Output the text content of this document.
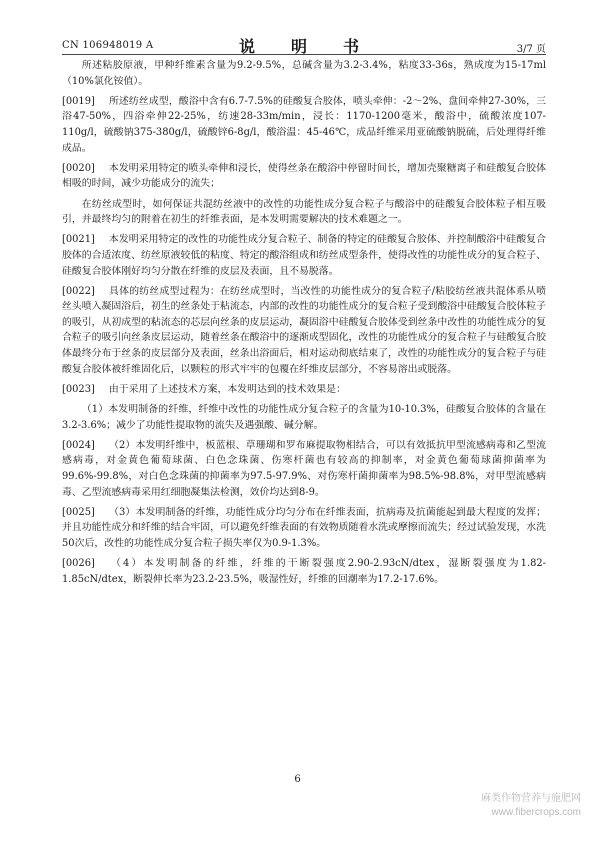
CN 106948019 A	说　明　书	3/7 页

所述粘胶原液，甲种纤维素含量为9.2-9.5%，总碱含量为3.2-3.4%，粘度33-36s，熟成度为15-17ml（10%氯化铵值）。

[0019] 所述纺丝成型，酸浴中含有6.7-7.5%的硅酸复合胶体，喷头牵伸：-2～2%、盘间牵伸27-30%，三浴47-50%，四浴牵伸22-25%，纺速28-33m/min，浸长：1170-1200毫米，酸浴中，硫酸浓度107-110g/l，硫酸钠375-380g/l，硫酸锌6-8g/l，酸浴温：45-46℃，成品纤维采用亚硫酸钠脱硫，后处理得纤维成品。

[0020] 本发明采用特定的喷头牵伸和浸长，使得丝条在酸浴中停留时间长，增加壳聚糖离子和硅酸复合胶体相吸的时间，减少功能成分的流失；

在纺丝成型时，如何保证共混纺丝液中的改性的功能性成分复合粒子与酸浴中的硅酸复合胶体粒子相互吸引，并最终均匀的附着在初生的纤维表面，是本发明需要解决的技术难题之一。

[0021] 本发明采用特定的改性的功能性成分复合粒子、制备的特定的硅酸复合胶体、并控制酸浴中硅酸复合胶体的合适浓度、纺丝原液较低的粘度、特定的酸浴组成和纺丝成型条件，使得改性的功能性成分的复合粒子、硅酸复合胶体刚好均匀分散在纤维的皮层及表面，且不易脱落。

[0022] 具体的纺丝成型过程为：在纺丝成型时，当改性的功能性成分的复合粒子/粘胶纺丝液共混体系从喷丝头喷入凝固浴后，初生的丝条处于粘流态，内部的改性的功能性成分的复合粒子受到酸浴中硅酸复合胶体粒子的吸引，从初成型的粘流态的芯层向丝条的皮层运动，凝固浴中硅酸复合胶体受到丝条中改性的功能性成分的复合粒子的吸引向丝条皮层运动，随着丝条在酸浴中的逐渐成型固化，改性的功能性成分的复合粒子与硅酸复合胶体最终分布于丝条的皮层部分及表面，丝条出浴面后，相对运动彻底结束了，改性的功能性成分的复合粒子与硅酸复合胶体被纤维固化后，以颗粒的形式牢牢的包覆在纤维皮层部分，不容易溶出或脱落。

[0023] 由于采用了上述技术方案，本发明达到的技术效果是：

（1）本发明制备的纤维，纤维中改性的功能性成分复合粒子的含量为10-10.3%，硅酸复合胶体的含量在3.2-3.6%；减少了功能性提取物的流失及遇强酸、碱分解。

[0024] （2）本发明纤维中，板蓝根、草珊瑚和罗布麻提取物相结合，可以有效抵抗甲型流感病毒和乙型流感病毒，对金黄色葡萄球菌、白色念珠菌、伤寒杆菌也有较高的抑制率，对金黄色葡萄球菌抑菌率为99.6%-99.8%，对白色念珠菌的抑菌率为97.5-97.9%、对伤寒杆菌抑菌率为98.5%-98.8%，对甲型流感病毒、乙型流感病毒采用红细胞凝集法检测，效价均达到8-9。

[0025] （3）本发明制备的纤维，功能性成分均匀分布在纤维表面，抗病毒及抗菌能起到最大程度的发挥；并且功能性成分和纤维的结合牢固，可以避免纤维表面的有效物质随着水洗或摩擦而流失；经过试验发现，水洗50次后，改性的功能性成分复合粒子损失率仅为0.9-1.3%。

[0026] （4）本发明制备的纤维，纤维的干断裂强度2.90-2.93cN/dtex，湿断裂强度为1.82-1.85cN/dtex，断裂伸长率为23.2-23.5%，吸湿性好，纤维的回潮率为17.2-17.6%。

6
麻类作物营养与施肥网
www.fibercrops.com
